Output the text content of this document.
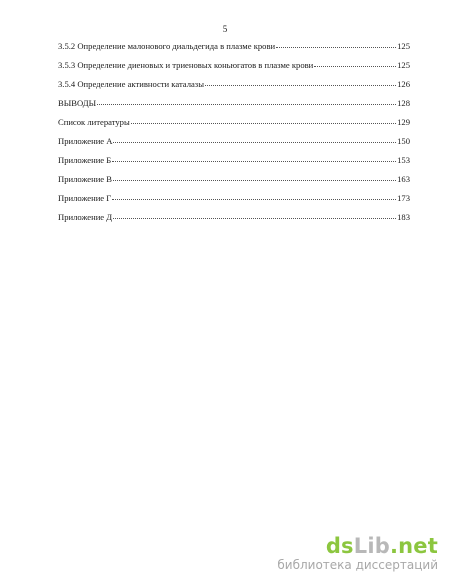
5
3.5.2 Определение малонового диальдегида в плазме крови	125
3.5.3 Определение диеновых и триеновых коньюгатов в плазме крови	125
3.5.4 Определение активности каталазы	126
ВЫВОДЫ	128
Список литературы	129
Приложение А	150
Приложение Б	153
Приложение В	163
Приложение Г	173
Приложение Д	183
dsLib.net
библиотека диссертаций
